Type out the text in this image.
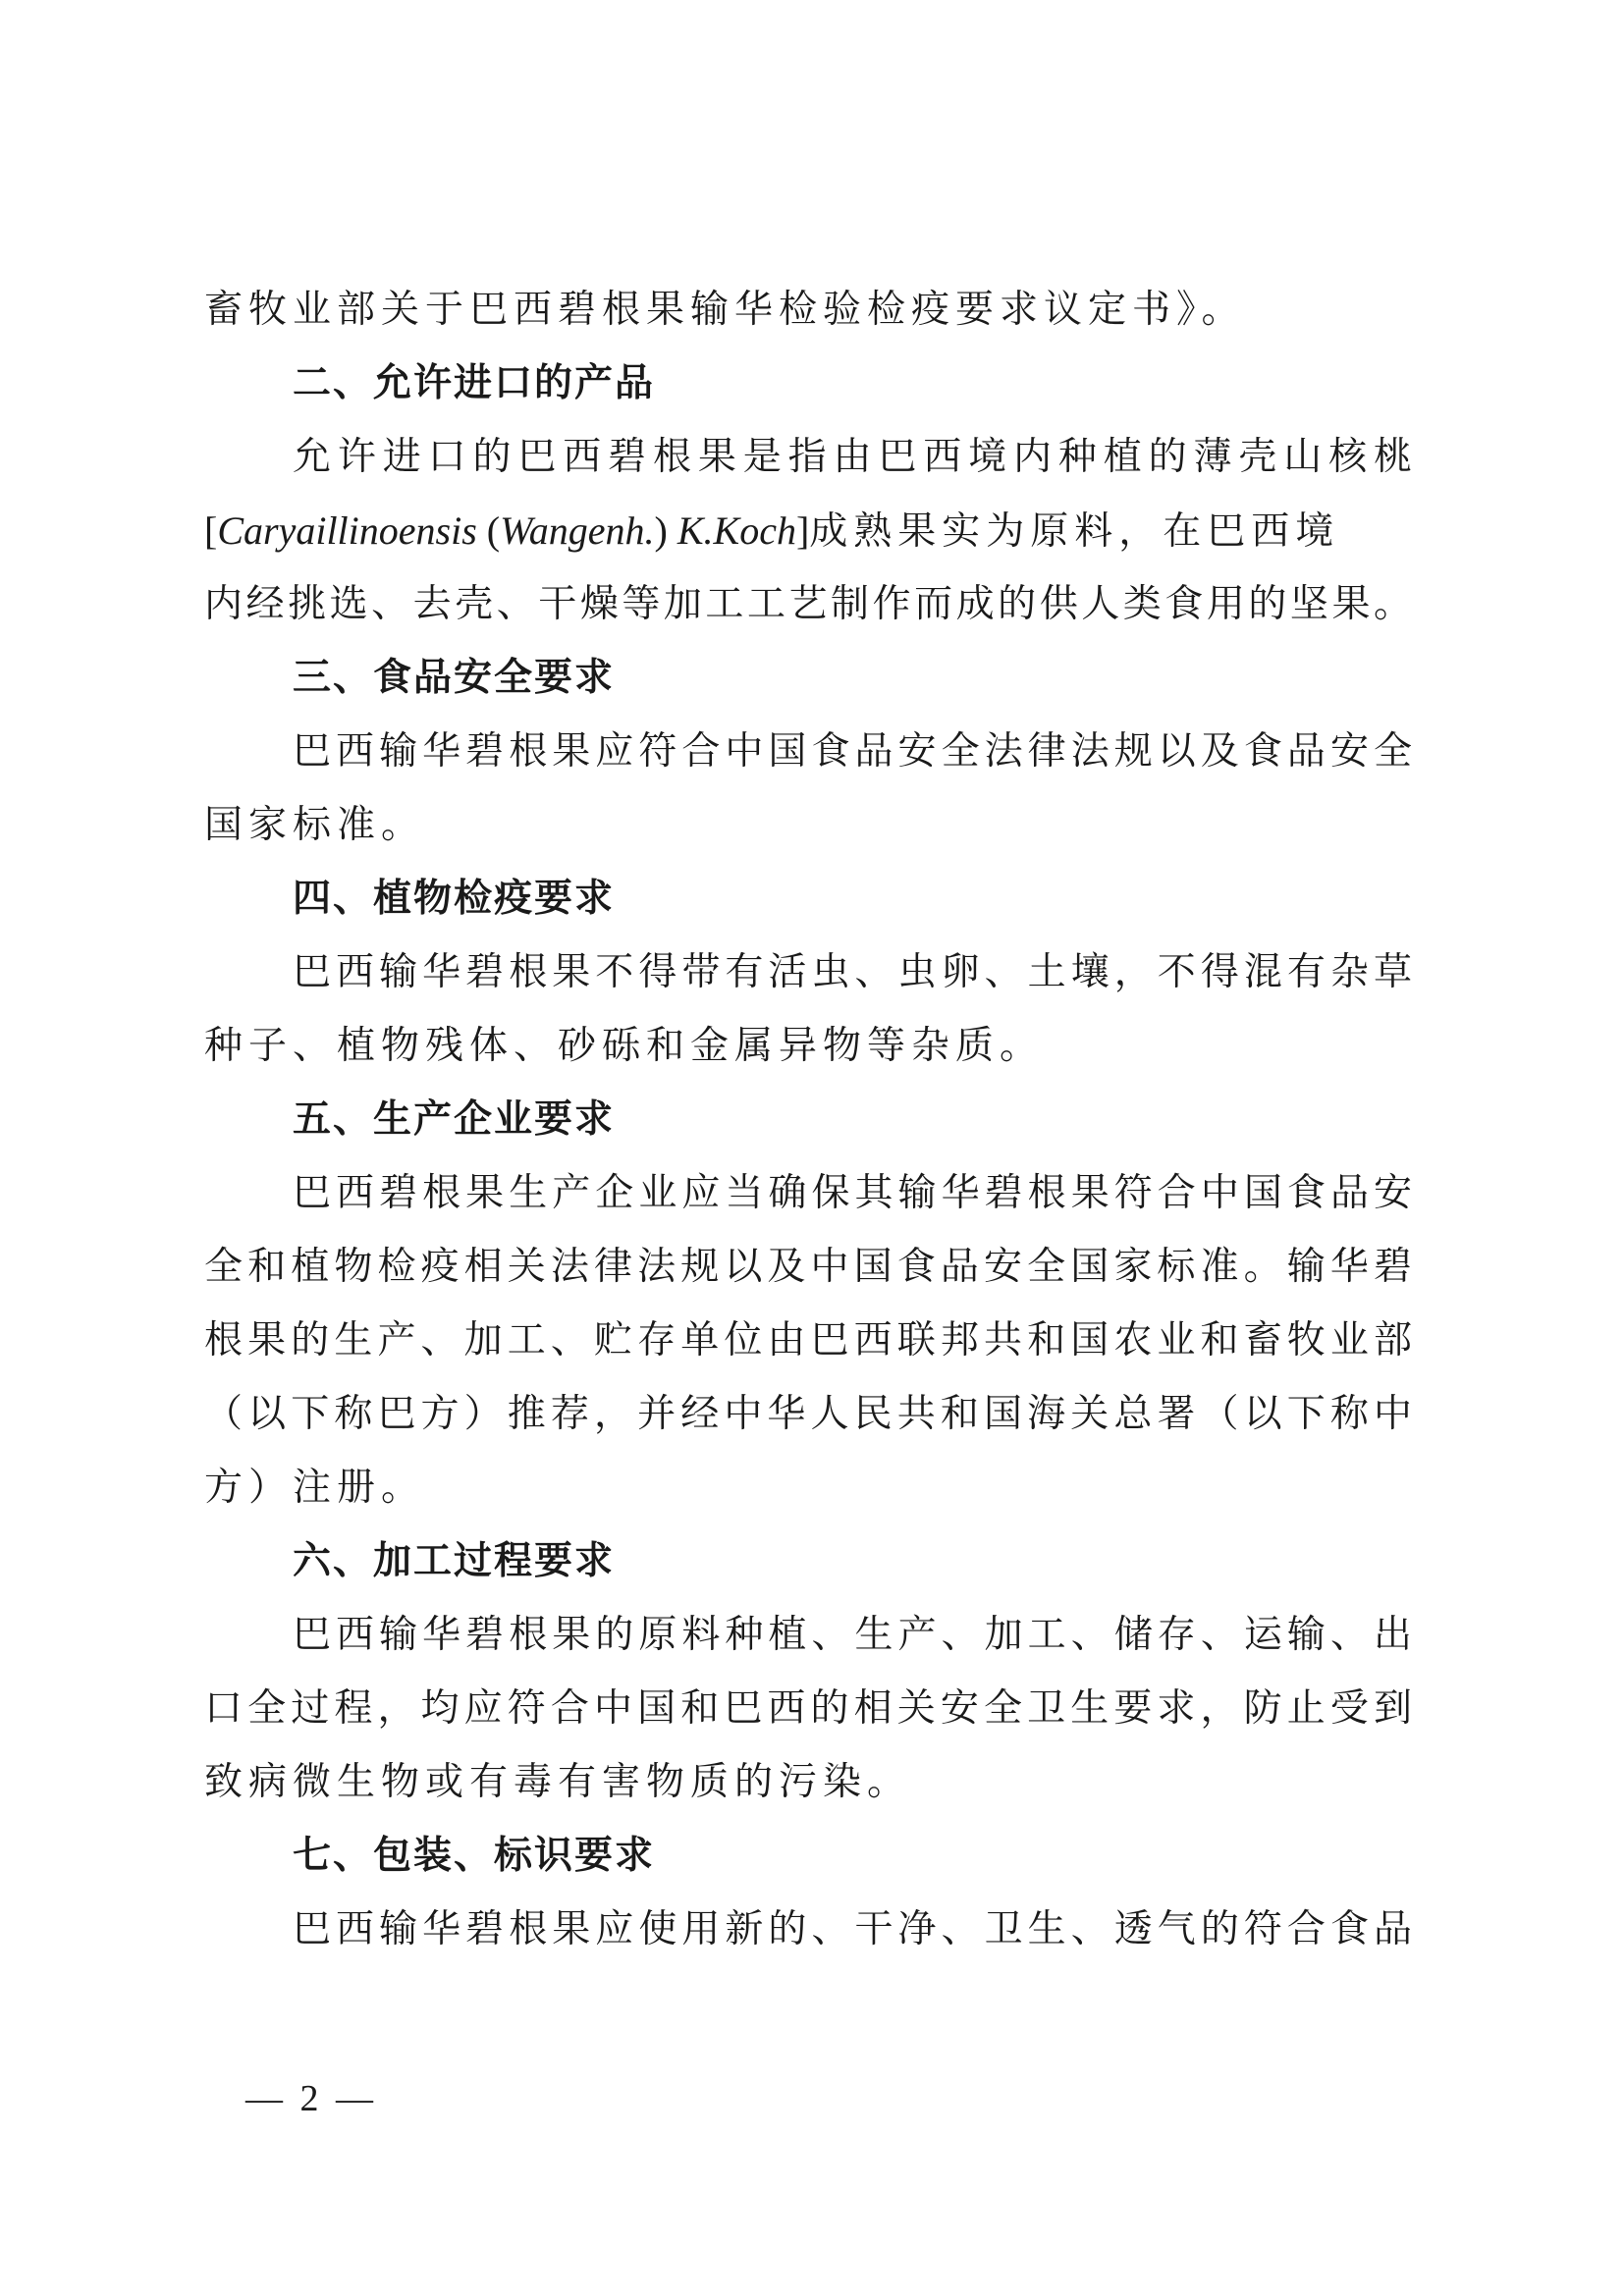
畜牧业部关于巴西碧根果输华检验检疫要求议定书》。
二、允许进口的产品
允许进口的巴西碧根果是指由巴西境内种植的薄壳山核桃
[Caryaillinoensis (Wangenh.) K.Koch]成熟果实为原料，在巴西境
内经挑选、去壳、干燥等加工工艺制作而成的供人类食用的坚果。
三、食品安全要求
巴西输华碧根果应符合中国食品安全法律法规以及食品安全
国家标准。
四、植物检疫要求
巴西输华碧根果不得带有活虫、虫卵、土壤，不得混有杂草
种子、植物残体、砂砾和金属异物等杂质。
五、生产企业要求
巴西碧根果生产企业应当确保其输华碧根果符合中国食品安
全和植物检疫相关法律法规以及中国食品安全国家标准。输华碧
根果的生产、加工、贮存单位由巴西联邦共和国农业和畜牧业部
（以下称巴方）推荐，并经中华人民共和国海关总署（以下称中
方）注册。
六、加工过程要求
巴西输华碧根果的原料种植、生产、加工、储存、运输、出
口全过程，均应符合中国和巴西的相关安全卫生要求，防止受到
致病微生物或有毒有害物质的污染。
七、包装、标识要求
巴西输华碧根果应使用新的、干净、卫生、透气的符合食品
— 2 —
